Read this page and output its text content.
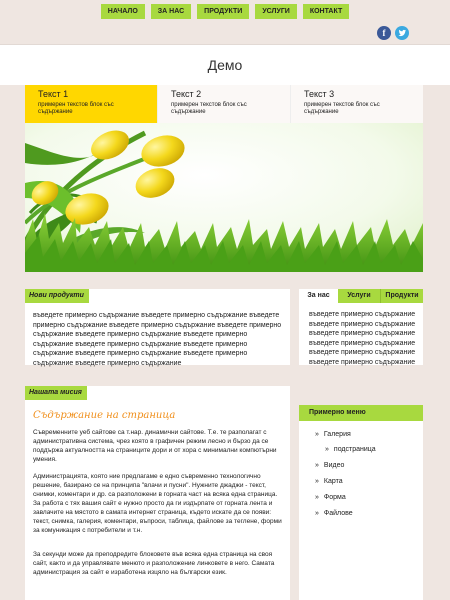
НАЧАЛО	ЗА НАС	ПРОДУКТИ	УСЛУГИ	КОНТАКТ
f
Демо
Текст 1
примерен текстов блок със съдържание
Текст 2
примерен текстов блок със съдържание
Текст 3
примерен текстов блок със съдържание
Нови продукти
въведете примерно съдържание въведете примерно съдържание въведете примерно съдържание въведете примерно съдържание въведете примерно съдържание въведете примерно съдържание въведете примерно съдържание въведете примерно съдържание въведете примерно съдържание въведете примерно съдържание въведете примерно съдържание въведете примерно съдържание
За нас	Услуги	Продукти
въведете примерно съдържание въведете примерно съдържание въведете примерно съдържание въведете примерно съдържание въведете примерно съдържание въведете примерно съдържание
Нашата мисия
Съдържание на страница
Съвременните уеб сайтове са т.нар. динамични сайтове. Т.е. те разполагат с административна система, чрез която в графичен режим лесно и бързо да се поддържа актуалността на страниците дори и от хора с минимални компютърни умения.
Администрацията, която ние предлагаме е едно съвременно технологично решение, базирано се на принципа "влачи и пусни". Нужните джаджи - текст, снимки, коментари и др. са разположени в горната част на всяка една страница. За работа с тях вашия сайт е нужно просто да ги издърпате от горната лента и завлачите на мястото в самата интернет страница, където искате да се появи: текст, снимка, галерия, коментари, въпроси, таблица, файлове за теглене, форми за комуникация с потребители и т.н.
За секунди може да преподредите блоковете във всяка една страница на своя сайт, както и да управлявате менюто и разположение линковете в него. Самата администрация за сайт е изработена изцяло на български език.
Примерно меню
» Галерия
» подстраница
» Видео
» Карта
» Форма
» Файлове
